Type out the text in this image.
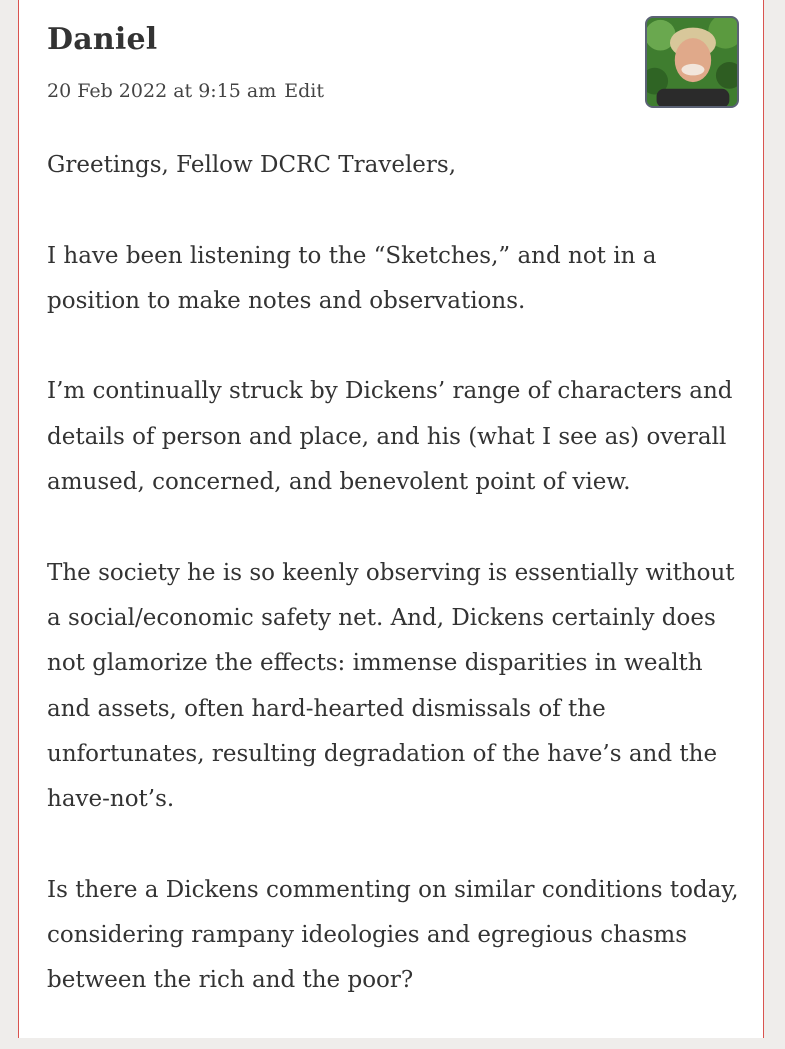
Daniel
20 Feb 2022 at 9:15 am Edit

Greetings, Fellow DCRC Travelers,

I have been listening to the “Sketches,” and not in a
position to make notes and observations.

I’m continually struck by Dickens’ range of characters and
details of person and place, and his (what I see as) overall
amused, concerned, and benevolent point of view.

The society he is so keenly observing is essentially without
a social/economic safety net. And, Dickens certainly does
not glamorize the effects: immense disparities in wealth
and assets, often hard-hearted dismissals of the
unfortunates, resulting degradation of the have’s and the
have-not’s.

Is there a Dickens commenting on similar conditions today,
considering rampany ideologies and egregious chasms
between the rich and the poor?
